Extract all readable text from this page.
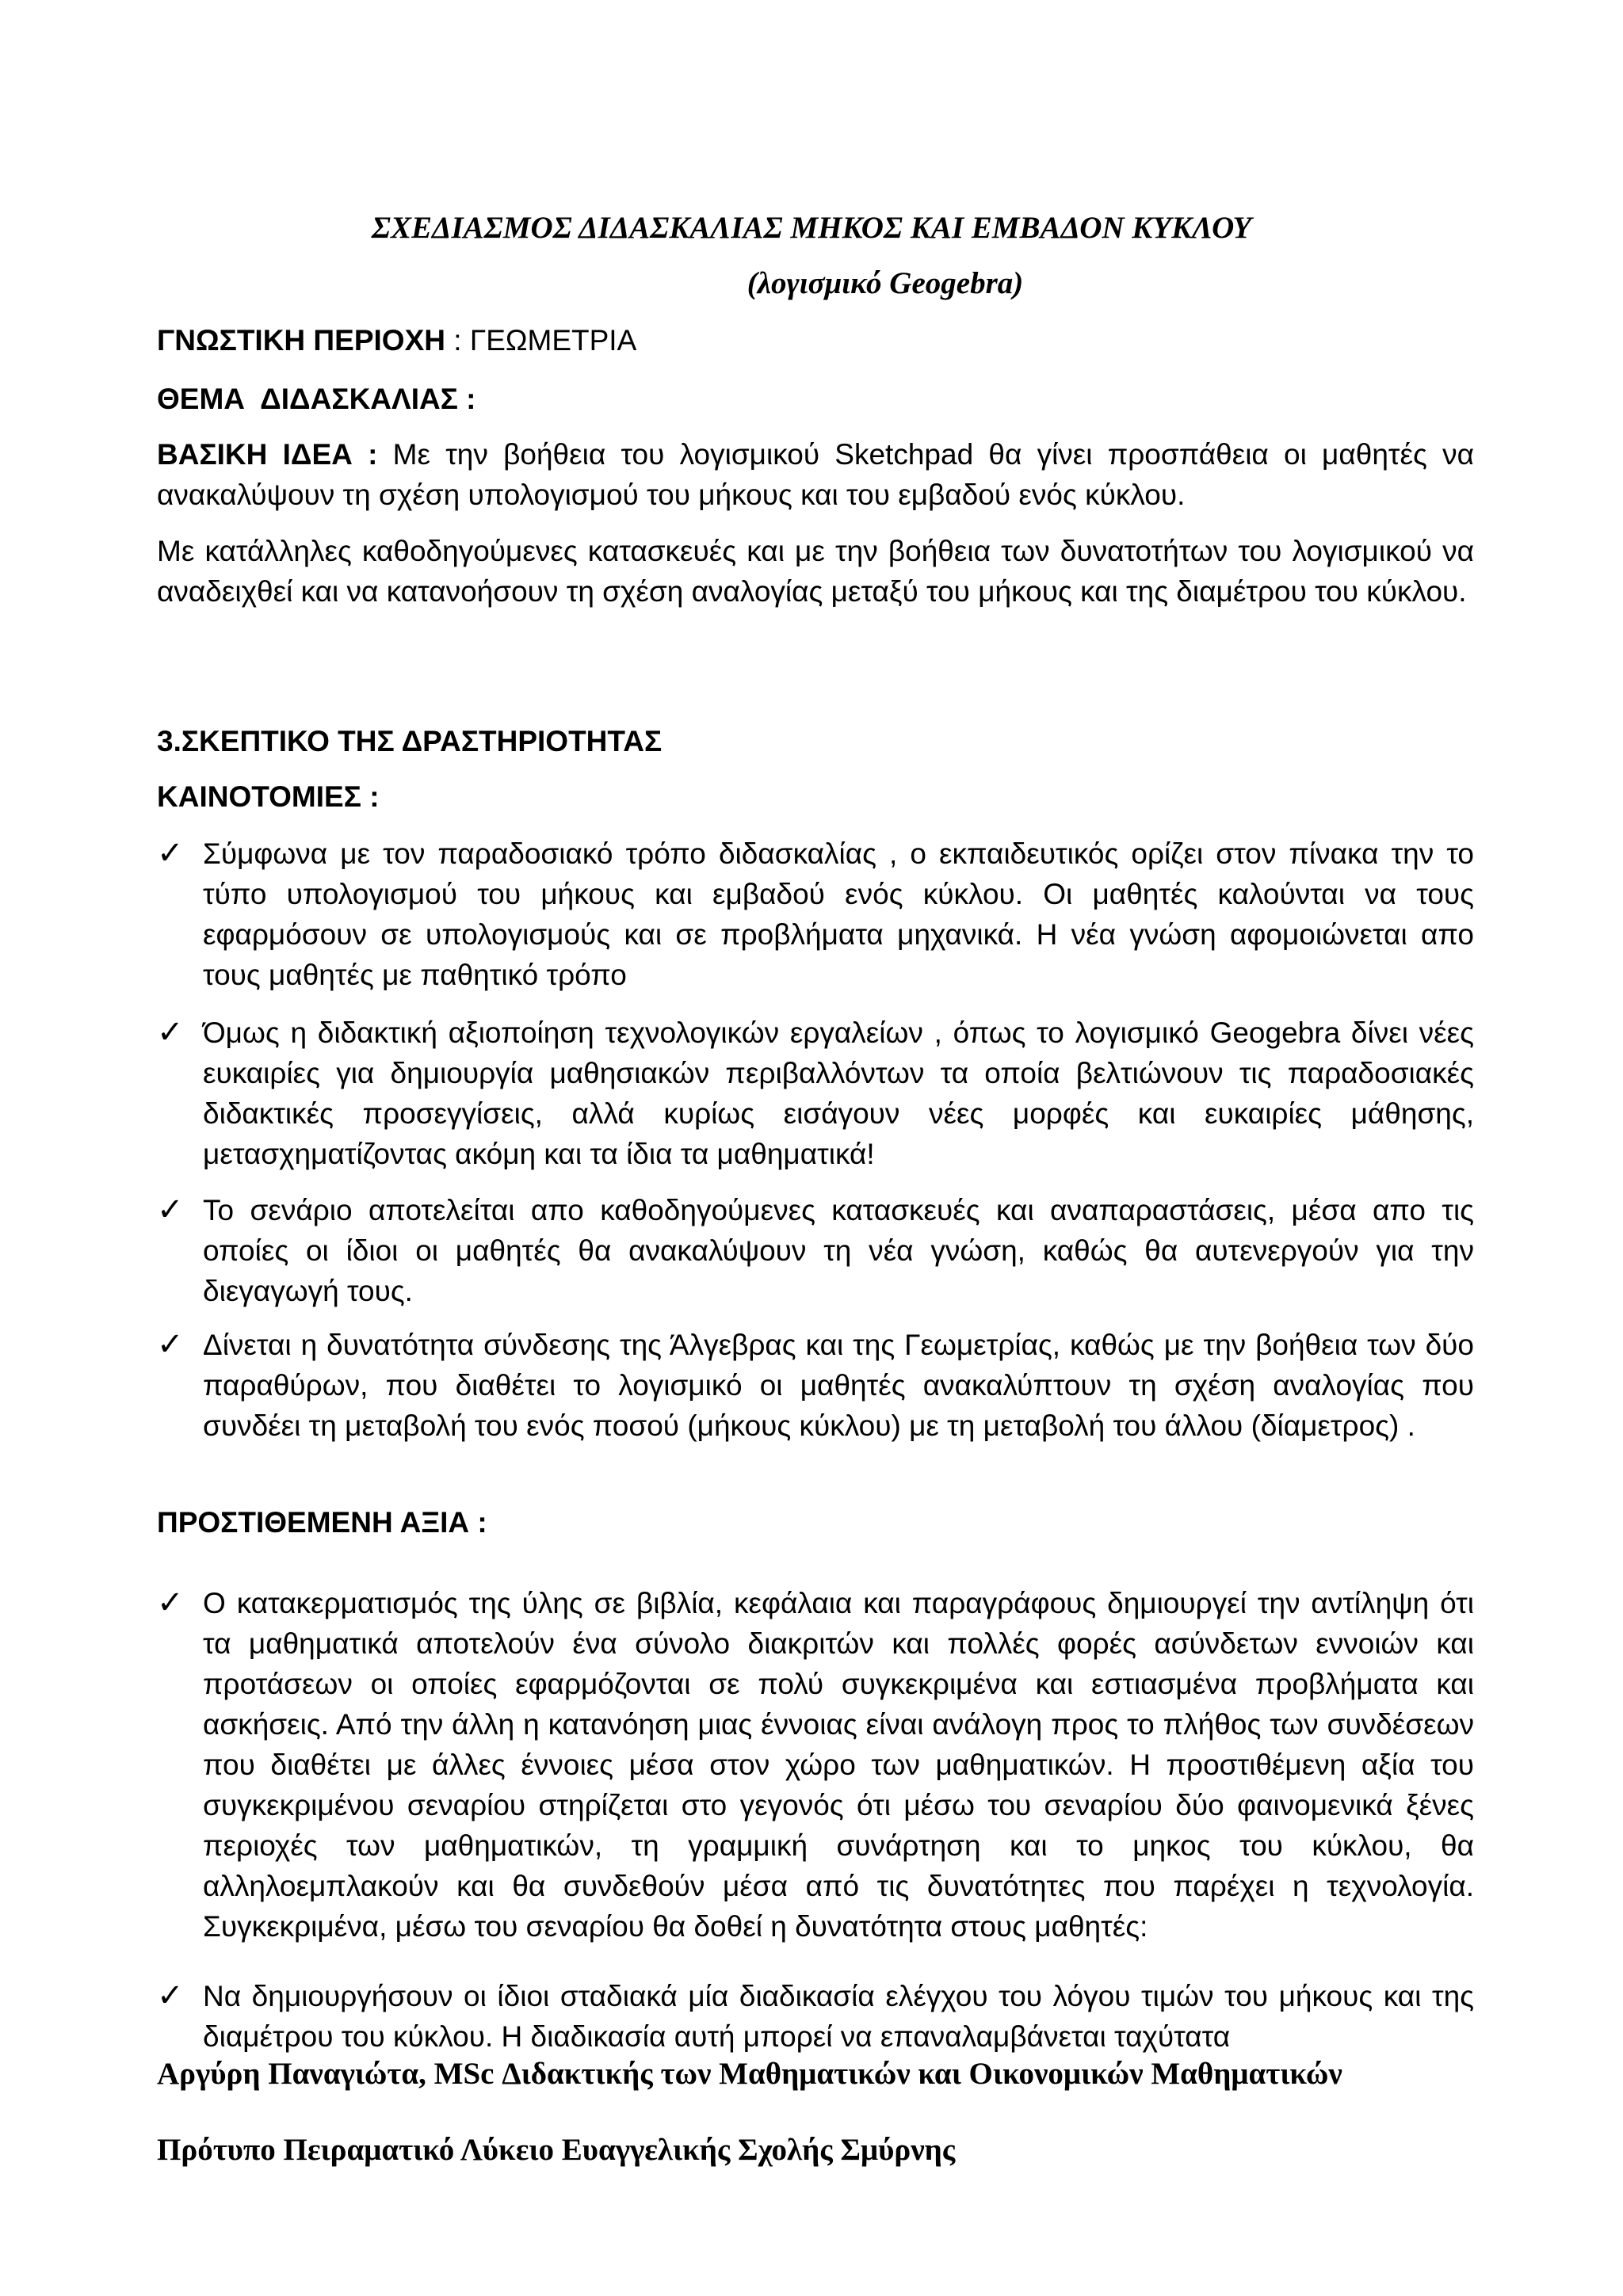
ΣΧΕΔΙΑΣΜΟΣ ΔΙΔΑΣΚΑΛΙΑΣ ΜΗΚΟΣ ΚΑΙ ΕΜΒΑΔΟΝ ΚΥΚΛΟΥ
(λογισμικό Geogebra)
ΓΝΩΣΤΙΚΗ ΠΕΡΙΟΧΗ : ΓΕΩΜΕΤΡΙΑ
ΘΕΜΑ  ΔΙΔΑΣΚΑΛΙΑΣ :
ΒΑΣΙΚΗ ΙΔΕΑ : Με την βοήθεια του λογισμικού Sketchpad θα γίνει προσπάθεια οι μαθητές να ανακαλύψουν τη σχέση υπολογισμού του μήκους και του εμβαδού ενός κύκλου.
Με κατάλληλες καθοδηγούμενες κατασκευές και με την βοήθεια των δυνατοτήτων του λογισμικού να αναδειχθεί και να κατανοήσουν τη σχέση αναλογίας μεταξύ του μήκους και της διαμέτρου του κύκλου.
3.ΣΚΕΠΤΙΚΟ ΤΗΣ ΔΡΑΣΤΗΡΙΟΤΗΤΑΣ
ΚΑΙΝΟΤΟΜΙΕΣ :
✓ Σύμφωνα με τον παραδοσιακό τρόπο διδασκαλίας , ο εκπαιδευτικός ορίζει στον πίνακα την το τύπο υπολογισμού του μήκους και εμβαδού ενός κύκλου. Οι μαθητές καλούνται να τους εφαρμόσουν σε υπολογισμούς και σε προβλήματα μηχανικά. Η νέα γνώση αφομοιώνεται απο τους μαθητές με παθητικό τρόπο
✓ Όμως η διδακτική αξιοποίηση τεχνολογικών εργαλείων , όπως το λογισμικό Geogebra δίνει νέες ευκαιρίες για δημιουργία μαθησιακών περιβαλλόντων τα οποία βελτιώνουν τις παραδοσιακές διδακτικές προσεγγίσεις, αλλά κυρίως εισάγουν νέες μορφές και ευκαιρίες μάθησης, μετασχηματίζοντας ακόμη και τα ίδια τα μαθηματικά!
✓ Το σενάριο αποτελείται απο καθοδηγούμενες κατασκευές και αναπαραστάσεις, μέσα απο τις οποίες οι ίδιοι οι μαθητές θα ανακαλύψουν τη νέα γνώση, καθώς θα αυτενεργούν για την διεγαγωγή τους.
✓ Δίνεται η δυνατότητα σύνδεσης της Άλγεβρας και της Γεωμετρίας, καθώς με την βοήθεια των δύο παραθύρων, που διαθέτει το λογισμικό οι μαθητές ανακαλύπτουν τη σχέση αναλογίας που συνδέει τη μεταβολή του ενός ποσού (μήκους κύκλου) με τη μεταβολή του άλλου (δίαμετρος) .
ΠΡΟΣΤΙΘΕΜΕΝΗ ΑΞΙΑ :
✓ Ο κατακερματισμός της ύλης σε βιβλία, κεφάλαια και παραγράφους δημιουργεί την αντίληψη ότι τα μαθηματικά αποτελούν ένα σύνολο διακριτών και πολλές φορές ασύνδετων εννοιών και προτάσεων οι οποίες εφαρμόζονται σε πολύ συγκεκριμένα και εστιασμένα προβλήματα και ασκήσεις. Από την άλλη η κατανόηση μιας έννοιας είναι ανάλογη προς το πλήθος των συνδέσεων που διαθέτει με άλλες έννοιες μέσα στον χώρο των μαθηματικών. Η προστιθέμενη αξία του συγκεκριμένου σεναρίου στηρίζεται στο γεγονός ότι μέσω του σεναρίου δύο φαινομενικά ξένες περιοχές των μαθηματικών, τη γραμμική συνάρτηση και το μηκος του κύκλου, θα αλληλοεμπλακούν και θα συνδεθούν μέσα από τις δυνατότητες που παρέχει η τεχνολογία. Συγκεκριμένα, μέσω του σεναρίου θα δοθεί η δυνατότητα στους μαθητές:
✓ Να δημιουργήσουν οι ίδιοι σταδιακά μία διαδικασία ελέγχου του λόγου τιμών του μήκους και της διαμέτρου του κύκλου. Η διαδικασία αυτή μπορεί να επαναλαμβάνεται ταχύτατα
Αργύρη Παναγιώτα, MSc Διδακτικής των Μαθηματικών και Οικονομικών Μαθηματικών
Πρότυπο Πειραματικό Λύκειο Ευαγγελικής Σχολής Σμύρνης
